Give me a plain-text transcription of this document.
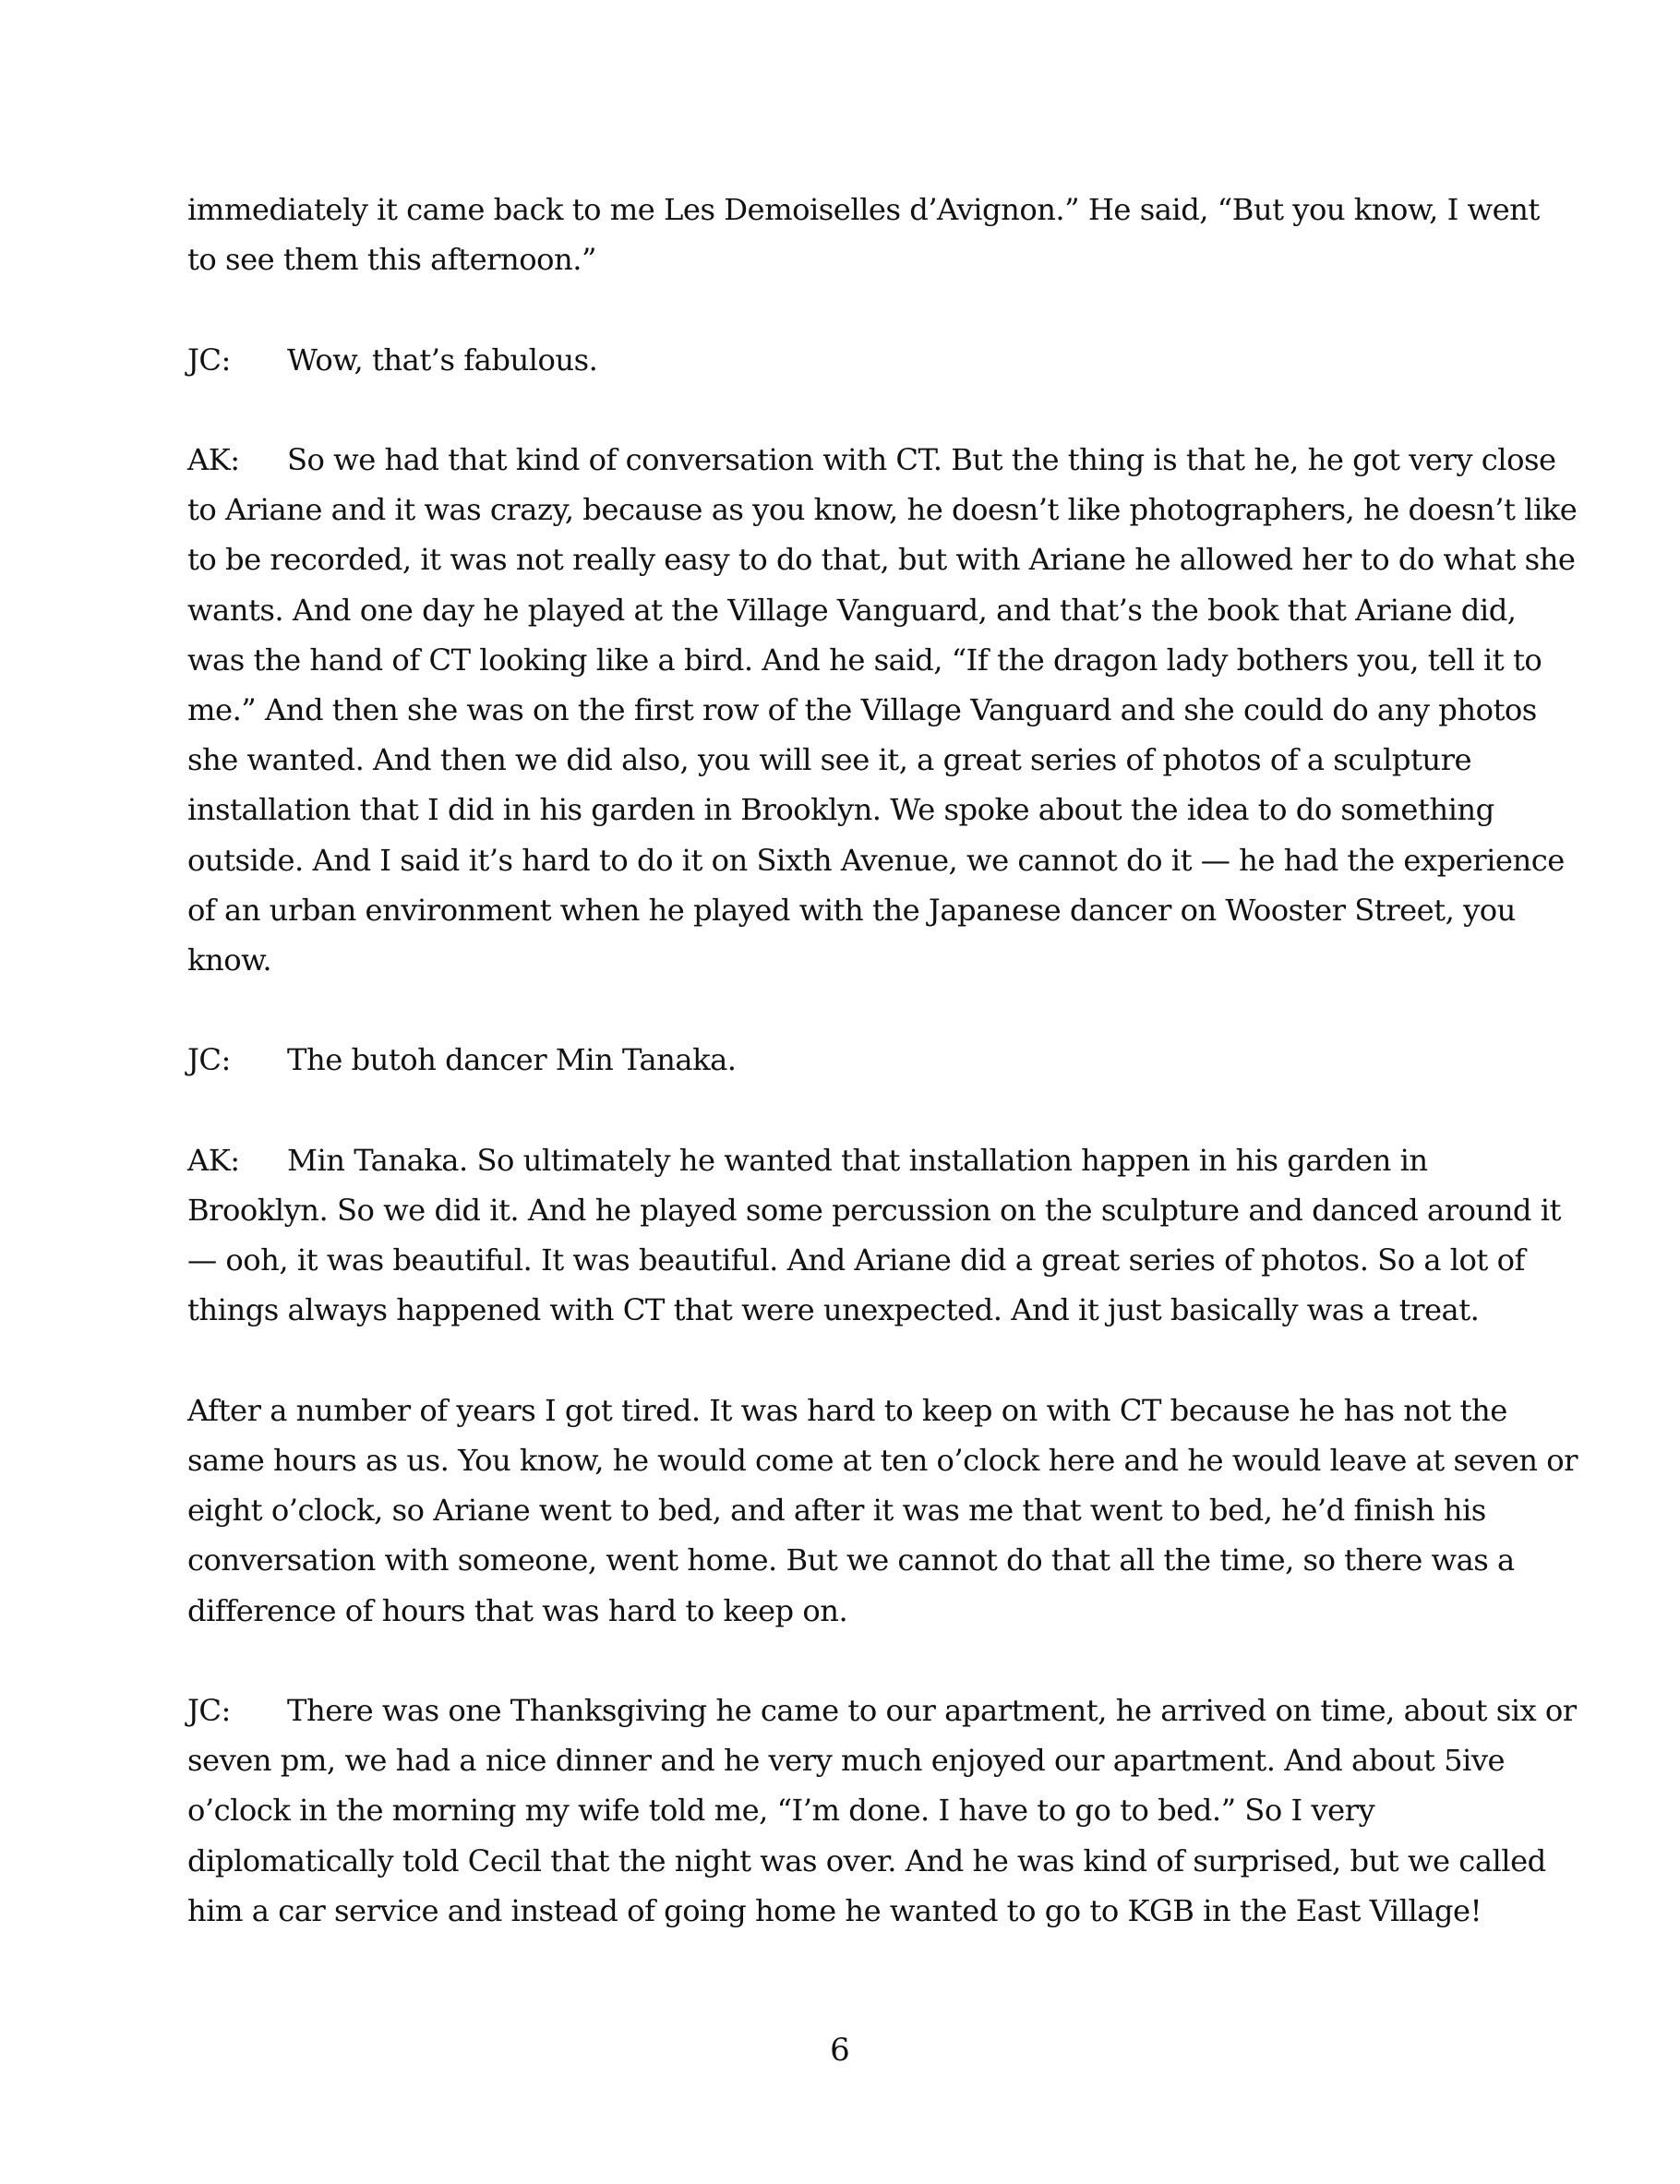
immediately it came back to me Les Demoiselles d’Avignon.” He said, “But you know, I went
to see them this afternoon.”
JC: Wow, that’s fabulous.
AK: So we had that kind of conversation with CT. But the thing is that he, he got very close
to Ariane and it was crazy, because as you know, he doesn’t like photographers, he doesn’t like
to be recorded, it was not really easy to do that, but with Ariane he allowed her to do what she
wants. And one day he played at the Village Vanguard, and that’s the book that Ariane did,
was the hand of CT looking like a bird. And he said, “If the dragon lady bothers you, tell it to
me.” And then she was on the first row of the Village Vanguard and she could do any photos
she wanted. And then we did also, you will see it, a great series of photos of a sculpture
installation that I did in his garden in Brooklyn. We spoke about the idea to do something
outside. And I said it’s hard to do it on Sixth Avenue, we cannot do it — he had the experience
of an urban environment when he played with the Japanese dancer on Wooster Street, you
know.
JC: The butoh dancer Min Tanaka.
AK: Min Tanaka. So ultimately he wanted that installation happen in his garden in
Brooklyn. So we did it. And he played some percussion on the sculpture and danced around it
— ooh, it was beautiful. It was beautiful. And Ariane did a great series of photos. So a lot of
things always happened with CT that were unexpected. And it just basically was a treat.
After a number of years I got tired. It was hard to keep on with CT because he has not the
same hours as us. You know, he would come at ten o’clock here and he would leave at seven or
eight o’clock, so Ariane went to bed, and after it was me that went to bed, he’d finish his
conversation with someone, went home. But we cannot do that all the time, so there was a
difference of hours that was hard to keep on.
JC: There was one Thanksgiving he came to our apartment, he arrived on time, about six or
seven pm, we had a nice dinner and he very much enjoyed our apartment. And about 5ive
o’clock in the morning my wife told me, “I’m done. I have to go to bed.” So I very
diplomatically told Cecil that the night was over. And he was kind of surprised, but we called
him a car service and instead of going home he wanted to go to KGB in the East Village!
6
